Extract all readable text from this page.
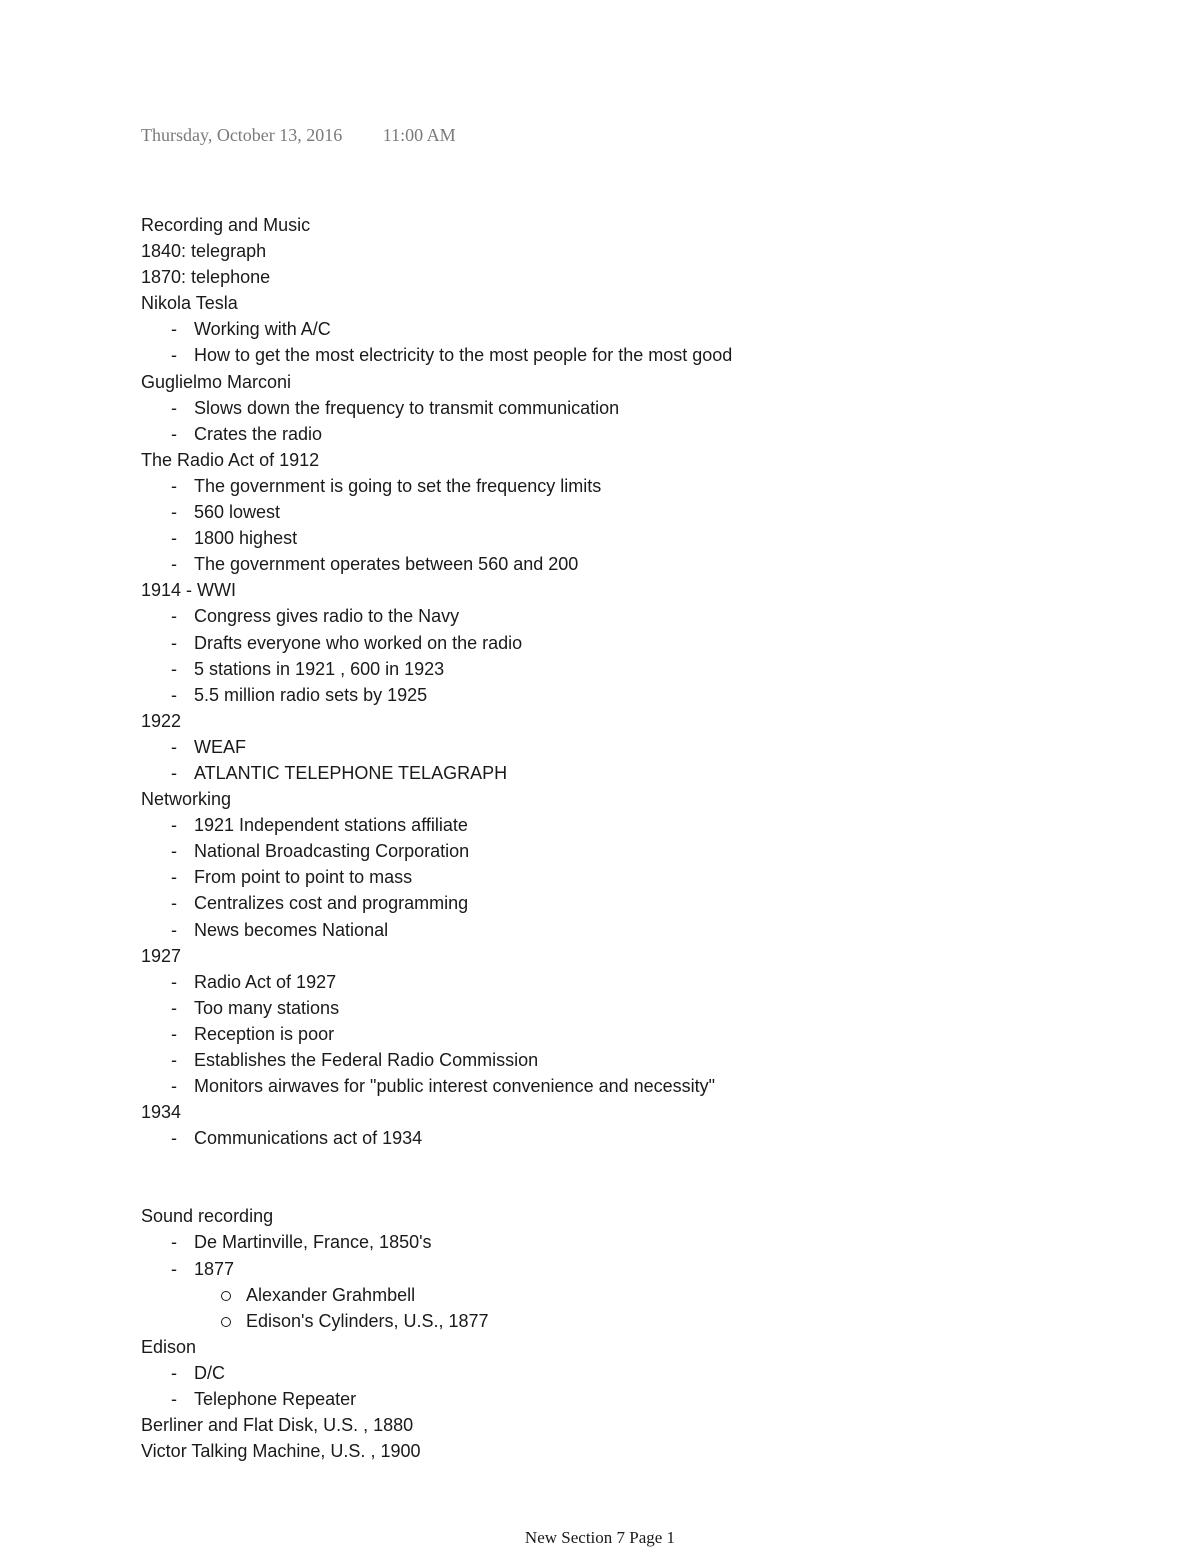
Thursday, October 13, 2016 11:00 AM
Recording and Music
1840: telegraph
1870: telephone
Nikola Tesla
- Working with A/C
- How to get the most electricity to the most people for the most good
Guglielmo Marconi
- Slows down the frequency to transmit communication
- Crates the radio
The Radio Act of 1912
- The government is going to set the frequency limits
- 560 lowest
- 1800 highest
- The government operates between 560 and 200
1914 - WWI
- Congress gives radio to the Navy
- Drafts everyone who worked on the radio
- 5 stations in 1921 , 600 in 1923
- 5.5 million radio sets by 1925
1922
- WEAF
- ATLANTIC TELEPHONE TELAGRAPH
Networking
- 1921 Independent stations affiliate
- National Broadcasting Corporation
- From point to point to mass
- Centralizes cost and programming
- News becomes National
1927
- Radio Act of 1927
- Too many stations
- Reception is poor
- Establishes the Federal Radio Commission
- Monitors airwaves for "public interest convenience and necessity"
1934
- Communications act of 1934
Sound recording
- De Martinville, France, 1850's
- 1877
Alexander Grahmbell
Edison's Cylinders, U.S., 1877
Edison
- D/C
- Telephone Repeater
Berliner and Flat Disk, U.S. , 1880
Victor Talking Machine, U.S. , 1900
New Section 7 Page 1
